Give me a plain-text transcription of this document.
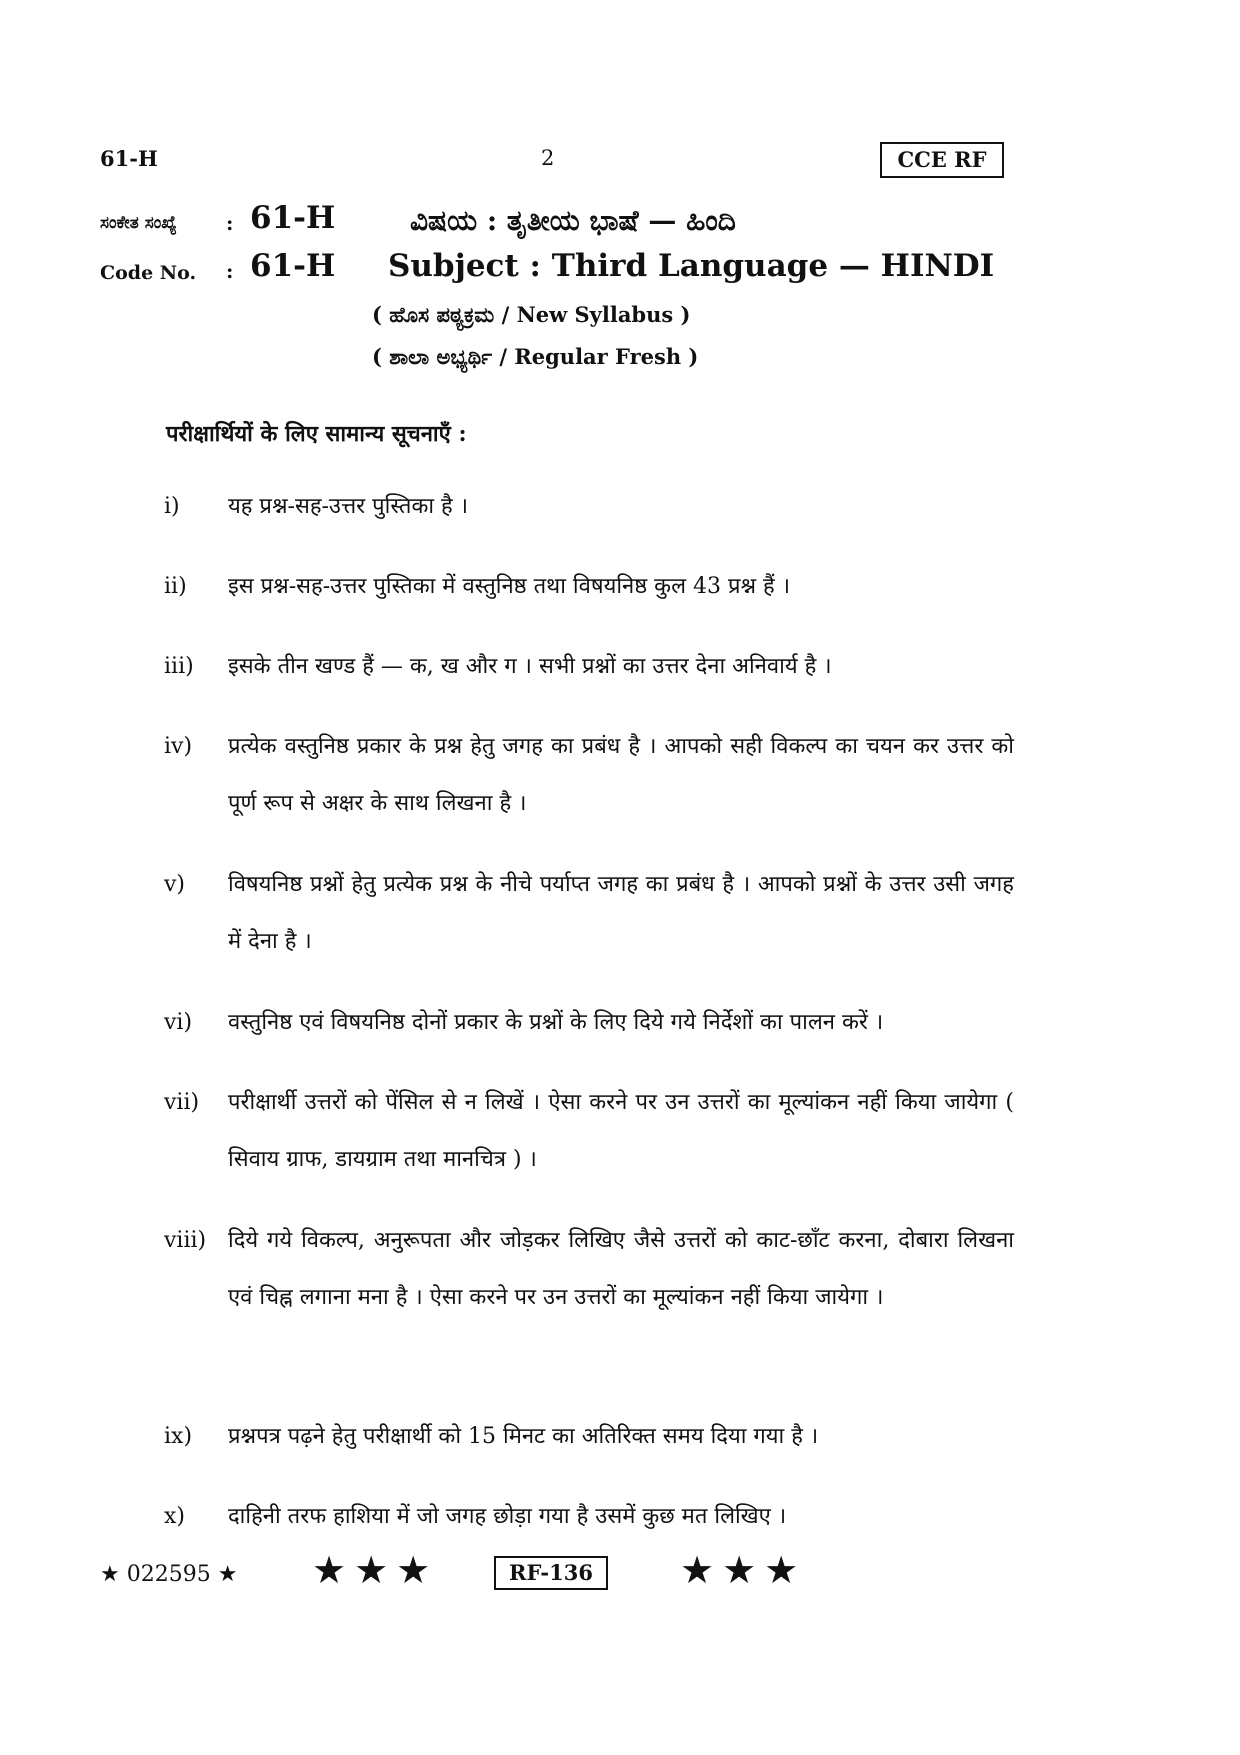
61-H	2	CCE RF
ಸಂಕೇತ ಸಂಖ್ಯೆ : 61-H	ವಿಷಯ : ತೃತೀಯ ಭಾಷೆ — ಹಿಂದಿ
Code No. : 61-H Subject : Third Language — HINDI
( ಹೊಸ ಪಠ್ಯಕ್ರಮ / New Syllabus )
( ಶಾಲಾ ಅಭ್ಯರ್ಥಿ / Regular Fresh )
परीक्षार्थियों के लिए सामान्य सूचनाएँ :
i)	यह प्रश्न-सह-उत्तर पुस्तिका है ।
ii)	इस प्रश्न-सह-उत्तर पुस्तिका में वस्तुनिष्ठ तथा विषयनिष्ठ कुल 43 प्रश्न हैं ।
iii)	इसके तीन खण्ड हैं — क, ख और ग । सभी प्रश्नों का उत्तर देना अनिवार्य है ।
iv)	प्रत्येक वस्तुनिष्ठ प्रकार के प्रश्न हेतु जगह का प्रबंध है । आपको सही विकल्प का चयन कर उत्तर को पूर्ण रूप से अक्षर के साथ लिखना है ।
v)	विषयनिष्ठ प्रश्नों हेतु प्रत्येक प्रश्न के नीचे पर्याप्त जगह का प्रबंध है । आपको प्रश्नों के उत्तर उसी जगह में देना है ।
vi)	वस्तुनिष्ठ एवं विषयनिष्ठ दोनों प्रकार के प्रश्नों के लिए दिये गये निर्देशों का पालन करें ।
vii)	परीक्षार्थी उत्तरों को पेंसिल से न लिखें । ऐसा करने पर उन उत्तरों का मूल्यांकन नहीं किया जायेगा ( सिवाय ग्राफ, डायग्राम तथा मानचित्र ) ।
viii) दिये गये विकल्प, अनुरूपता और जोड़कर लिखिए जैसे उत्तरों को काट-छाँट करना, दोबारा लिखना एवं चिह्न लगाना मना है । ऐसा करने पर उन उत्तरों का मूल्यांकन नहीं किया जायेगा ।
ix)	प्रश्नपत्र पढ़ने हेतु परीक्षार्थी को 15 मिनट का अतिरिक्त समय दिया गया है ।
x)	दाहिनी तरफ हाशिया में जो जगह छोड़ा गया है उसमें कुछ मत लिखिए ।
★ 022595 ★ ★★★	RF-136	★★★
